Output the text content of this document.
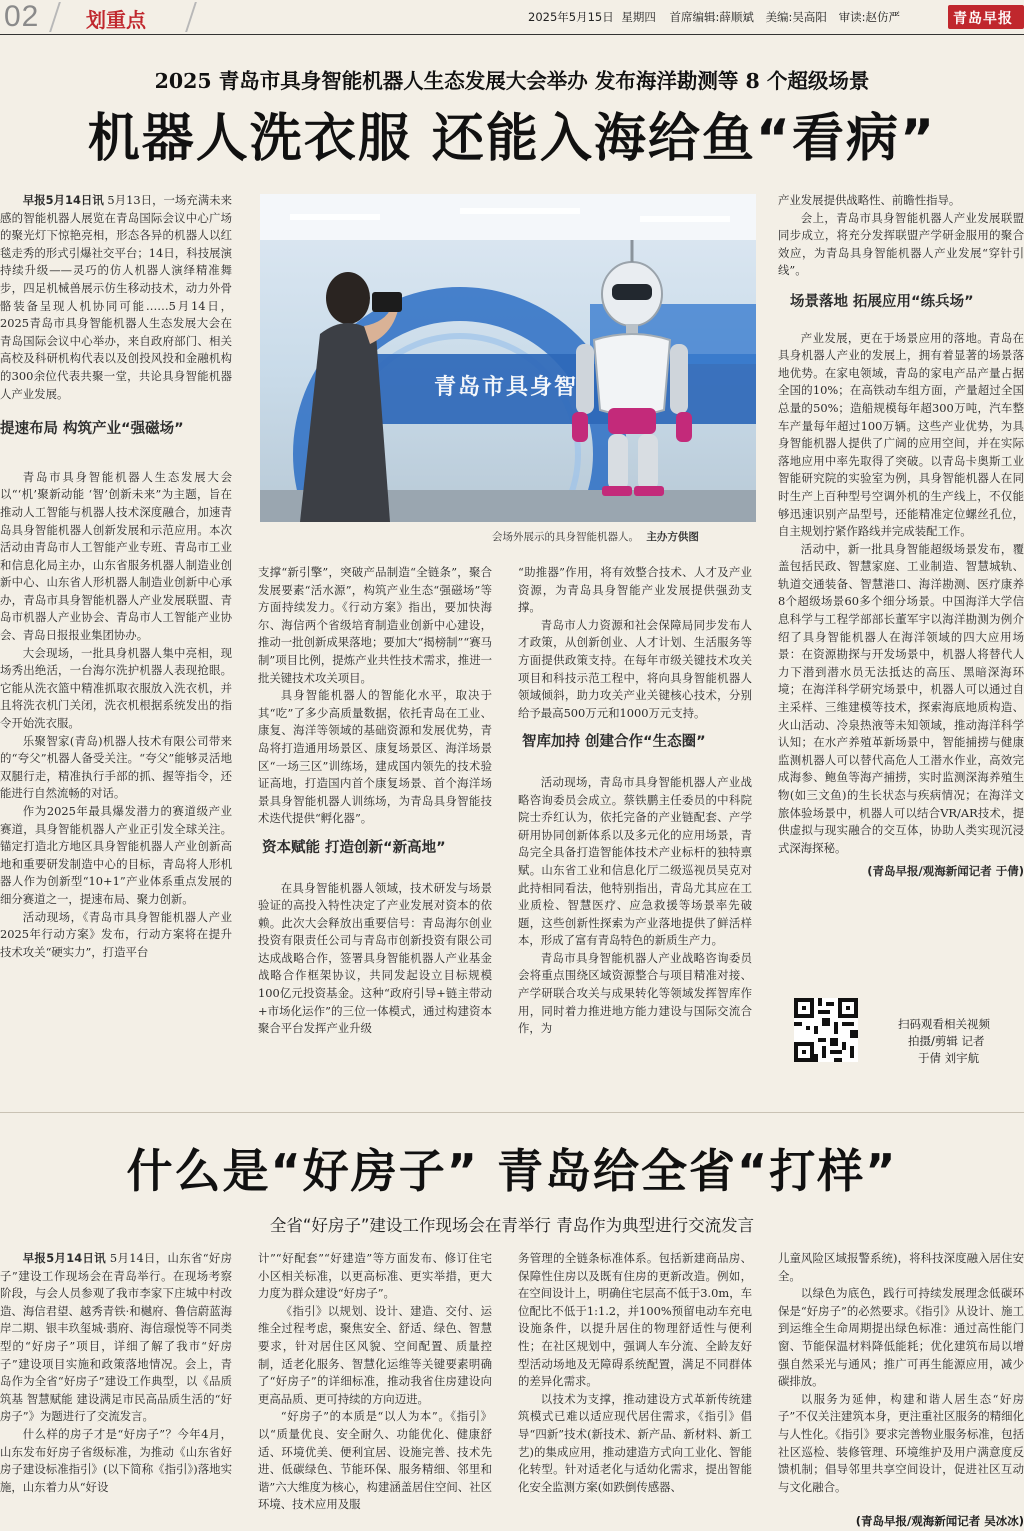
02 划重点	2025年5月15日 星期四 首席编辑:薛顺斌 美编:吴高阳 审读:赵仿严	青岛早报
2025 青岛市具身智能机器人生态发展大会举办 发布海洋勘测等 8 个超级场景
机器人洗衣服 还能入海给鱼“看病”
青岛市具身智
会场外展示的具身智能机器人。 主办方供图

早报5月14日讯 5月13日，一场充满未来感的智能机器人展览在青岛国际会议中心广场的聚光灯下惊艳亮相，形态各异的机器人以红毯走秀的形式引爆社交平台；14日，科技展演持续升级——灵巧的仿人机器人演绎精准舞步，四足机械兽展示仿生移动技术，动力外骨骼装备呈现人机协同可能……5月14日，2025青岛市具身智能机器人生态发展大会在青岛国际会议中心举办，来自政府部门、相关高校及科研机构代表以及创投风投和金融机构的300余位代表共聚一堂，共论具身智能机器人产业发展。

提速布局 构筑产业“强磁场”

青岛市具身智能机器人生态发展大会以“‘机’聚新动能 ‘智’创新未来”为主题，旨在推动人工智能与机器人技术深度融合，加速青岛具身智能机器人创新发展和示范应用。本次活动由青岛市人工智能产业专班、青岛市工业和信息化局主办，山东省服务机器人制造业创新中心、山东省人形机器人制造业创新中心承办，青岛市具身智能机器人产业发展联盟、青岛市机器人产业协会、青岛市人工智能产业协会、青岛日报报业集团协办。

大会现场，一批具身机器人集中亮相，现场秀出绝活，一台海尔洗护机器人表现抢眼。它能从洗衣篮中精准抓取衣服放入洗衣机，并且将洗衣机门关闭，洗衣机根据系统发出的指令开始洗衣服。

乐聚智家(青岛)机器人技术有限公司带来的“夸父”机器人备受关注。“夸父”能够灵活地双腿行走，精准执行手部的抓、握等指令，还能进行自然流畅的对话。

作为2025年最具爆发潜力的赛道级产业赛道，具身智能机器人产业正引发全球关注。锚定打造北方地区具身智能机器人产业创新高地和重要研发制造中心的目标，青岛将人形机器人作为创新型“10+1”产业体系重点发展的细分赛道之一，提速布局、聚力创新。

活动现场，《青岛市具身智能机器人产业2025年行动方案》发布，行动方案将在提升技术攻关“硬实力”，打造平台

支撑“新引擎”，突破产品制造“全链条”，聚合发展要素“活水源”，构筑产业生态“强磁场”等方面持续发力。《行动方案》指出，要加快海尔、海信两个省级培育制造业创新中心建设，推动一批创新成果落地；要加大“揭榜制”“赛马制”项目比例，提炼产业共性技术需求，推进一批关键技术攻关项目。

具身智能机器人的智能化水平，取决于其“吃”了多少高质量数据，依托青岛在工业、康复、海洋等领域的基础资源和发展优势，青岛将打造通用场景区、康复场景区、海洋场景区“一场三区”训练场，建成国内领先的技术验证高地，打造国内首个康复场景、首个海洋场景具身智能机器人训练场，为青岛具身智能技术迭代提供“孵化器”。

资本赋能 打造创新“新高地”

在具身智能机器人领域，技术研发与场景验证的高投入特性决定了产业发展对资本的依赖。此次大会释放出重要信号：青岛海尔创业投资有限责任公司与青岛市创新投资有限公司达成战略合作，签署具身智能机器人产业基金战略合作框架协议，共同发起设立目标规模100亿元投资基金。这种“政府引导+链主带动+市场化运作”的三位一体模式，通过构建资本聚合平台发挥产业升级

“助推器”作用，将有效整合技术、人才及产业资源，为青岛具身智能产业发展提供强劲支撑。

青岛市人力资源和社会保障局同步发布人才政策，从创新创业、人才计划、生活服务等方面提供政策支持。在每年市级关键技术攻关项目和科技示范工程中，将向具身智能机器人领域倾斜，助力攻关产业关键核心技术，分别给予最高500万元和1000万元支持。

智库加持 创建合作“生态圈”

活动现场，青岛市具身智能机器人产业战略咨询委员会成立。蔡铁鹏主任委员的中科院院士乔红认为，依托完备的产业链配套、产学研用协同创新体系以及多元化的应用场景，青岛完全具备打造智能体技术产业标杆的独特禀赋。山东省工业和信息化厅二级巡视员吴克对此持相同看法，他特别指出，青岛尤其应在工业质检、智慧医疗、应急救援等场景率先破题，这些创新性探索为产业落地提供了鲜活样本，形成了富有青岛特色的新质生产力。

青岛市具身智能机器人产业战略咨询委员会将重点围绕区域资源整合与项目精准对接、产学研联合攻关与成果转化等领域发挥智库作用，同时着力推进地方能力建设与国际交流合作，为

产业发展提供战略性、前瞻性指导。

会上，青岛市具身智能机器人产业发展联盟同步成立，将充分发挥联盟产学研金服用的聚合效应，为青岛具身智能机器人产业发展“穿针引线”。

场景落地 拓展应用“练兵场”

产业发展，更在于场景应用的落地。青岛在具身机器人产业的发展上，拥有着显著的场景落地优势。在家电领域，青岛的家电产品产量占据全国的10%；在高铁动车组方面，产量超过全国总量的50%；造船规模每年超300万吨，汽车整车产量每年超过100万辆。这些产业优势，为具身智能机器人提供了广阔的应用空间，并在实际落地应用中率先取得了突破。以青岛卡奥斯工业智能研究院的实验室为例，具身智能机器人在同时生产上百种型号空调外机的生产线上，不仅能够迅速识别产品型号，还能精准定位螺丝孔位，自主规划拧紧作路线并完成装配工作。

活动中，新一批具身智能超级场景发布，覆盖包括民政、智慧家庭、工业制造、智慧城轨、轨道交通装备、智慧港口、海洋勘测、医疗康养8个超级场景60多个细分场景。中国海洋大学信息科学与工程学部部长董军宇以海洋勘测为例介绍了具身智能机器人在海洋领域的四大应用场景：在资源勘探与开发场景中，机器人将替代人力下潜到潜水员无法抵达的高压、黑暗深海环境；在海洋科学研究场景中，机器人可以通过自主采样、三维建模等技术，探索海底地质构造、火山活动、冷泉热液等未知领域，推动海洋科学认知；在水产养殖革新场景中，智能捕捞与健康监测机器人可以替代高危人工潜水作业，高效完成海参、鲍鱼等海产捕捞，实时监测深海养殖生物(如三文鱼)的生长状态与疾病情况；在海洋文旅体验场景中，机器人可以结合VR/AR技术，提供虚拟与现实融合的交互体，协助人类实现沉浸式深海探秘。

(青岛早报/观海新闻记者 于倩)
扫码观看相关视频
拍摄/剪辑 记者
于倩 刘宇航
什么是“好房子” 青岛给全省“打样”
全省“好房子”建设工作现场会在青举行 青岛作为典型进行交流发言

早报5月14日讯 5月14日，山东省“好房子”建设工作现场会在青岛举行。在现场考察阶段，与会人员参观了我市李家下庄城中村改造、海信君望、越秀青铁·和樾府、鲁信蔚蓝海岸二期、银丰玖玺城·翡府、海信璟悦等不同类型的“好房子”项目，详细了解了我市“好房子”建设项目实施和政策落地情况。会上，青岛作为全省“好房子”建设工作典型，以《品质筑基 智慧赋能 建设满足市民高品质生活的“好房子”》为题进行了交流发言。

什么样的房子才是“好房子”？今年4月，山东发布好房子省级标准，为推动《山东省好房子建设标准指引》(以下简称《指引》)落地实施，山东着力从“好设

计”“好配套”“好建造”等方面发布、修订住宅小区相关标准，以更高标准、更实举措，更大力度为群众建设“好房子”。

《指引》以规划、设计、建造、交付、运维全过程考虑，聚焦安全、舒适、绿色、智慧要求，针对居住区风貌、空间配置、质量控制，适老化服务、智慧化运维等关键要素明确了“好房子”的详细标准，推动我省住房建设向更高品质、更可持续的方向迈进。

“好房子”的本质是“以人为本”。《指引》以“质量优良、安全耐久、功能优化、健康舒适、环境优美、便利宜居、设施完善、技术先进、低碳绿色、节能环保、服务精细、邻里和谐”六大维度为核心，构建涵盖居住空间、社区环境、技术应用及服

务管理的全链条标准体系。包括新建商品房、保障性住房以及既有住房的更新改造。例如，在空间设计上，明确住宅层高不低于3.0m，车位配比不低于1:1.2，并100%预留电动车充电设施条件，以提升居住的物理舒适性与便利性；在社区规划中，强调人车分流、全龄友好型活动场地及无障碍系统配置，满足不同群体的差异化需求。

以技术为支撑，推动建设方式革新传统建筑模式已难以适应现代居住需求，《指引》倡导“四新”技术(新技术、新产品、新材料、新工艺)的集成应用，推动建造方式向工业化、智能化转型。针对适老化与适幼化需求，提出智能化安全监测方案(如跌倒传感器、

儿童风险区域报警系统)，将科技深度融入居住安全。

以绿色为底色，践行可持续发展理念低碳环保是“好房子”的必然要求。《指引》从设计、施工到运维全生命周期提出绿色标准：通过高性能门窗、节能保温材料降低能耗；优化建筑布局以增强自然采光与通风；推广可再生能源应用，减少碳排放。

以服务为延伸，构建和谐人居生态“好房子”不仅关注建筑本身，更注重社区服务的精细化与人性化。《指引》要求完善物业服务标准，包括社区巡检、装修管理、环境维护及用户满意度反馈机制；倡导邻里共享空间设计，促进社区互动与文化融合。

(青岛早报/观海新闻记者 吴冰冰)
